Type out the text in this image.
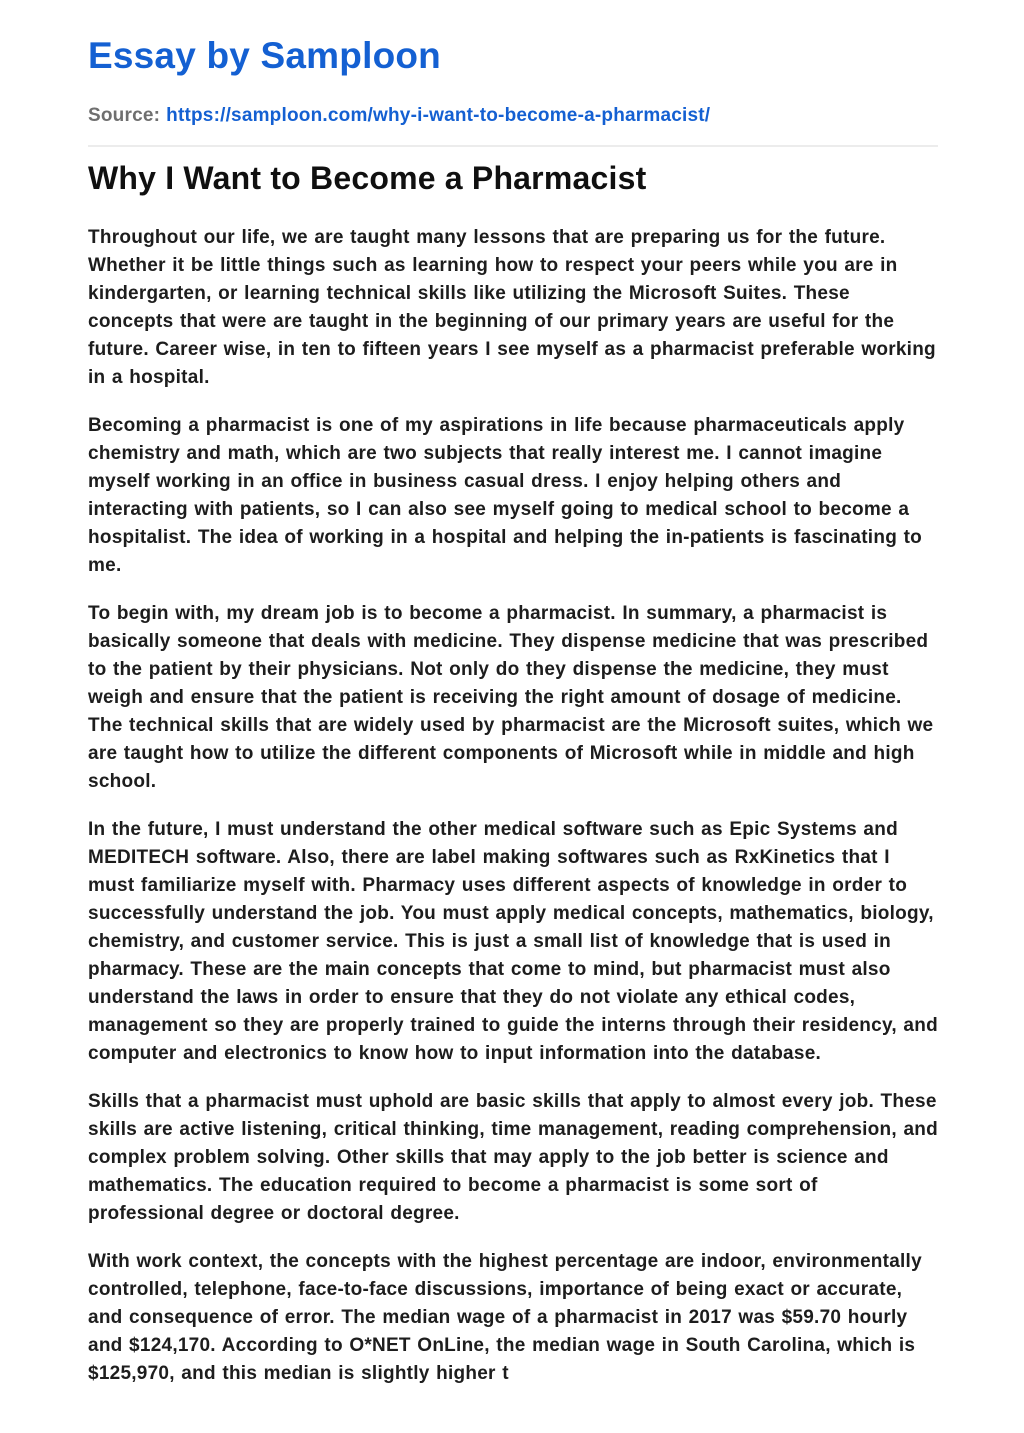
Essay by Samploon
Source: https://samploon.com/why-i-want-to-become-a-pharmacist/
Why I Want to Become a Pharmacist

Throughout our life, we are taught many lessons that are preparing us for the future. Whether it be little things such as learning how to respect your peers while you are in kindergarten, or learning technical skills like utilizing the Microsoft Suites. These concepts that were are taught in the beginning of our primary years are useful for the future. Career wise, in ten to fifteen years I see myself as a pharmacist preferable working in a hospital.

Becoming a pharmacist is one of my aspirations in life because pharmaceuticals apply chemistry and math, which are two subjects that really interest me. I cannot imagine myself working in an office in business casual dress. I enjoy helping others and interacting with patients, so I can also see myself going to medical school to become a hospitalist. The idea of working in a hospital and helping the in-patients is fascinating to me.

To begin with, my dream job is to become a pharmacist. In summary, a pharmacist is basically someone that deals with medicine. They dispense medicine that was prescribed to the patient by their physicians. Not only do they dispense the medicine, they must weigh and ensure that the patient is receiving the right amount of dosage of medicine. The technical skills that are widely used by pharmacist are the Microsoft suites, which we are taught how to utilize the different components of Microsoft while in middle and high school.

In the future, I must understand the other medical software such as Epic Systems and MEDITECH software. Also, there are label making softwares such as RxKinetics that I must familiarize myself with. Pharmacy uses different aspects of knowledge in order to successfully understand the job. You must apply medical concepts, mathematics, biology, chemistry, and customer service. This is just a small list of knowledge that is used in pharmacy. These are the main concepts that come to mind, but pharmacist must also understand the laws in order to ensure that they do not violate any ethical codes, management so they are properly trained to guide the interns through their residency, and computer and electronics to know how to input information into the database.

Skills that a pharmacist must uphold are basic skills that apply to almost every job. These skills are active listening, critical thinking, time management, reading comprehension, and complex problem solving. Other skills that may apply to the job better is science and mathematics. The education required to become a pharmacist is some sort of professional degree or doctoral degree.

With work context, the concepts with the highest percentage are indoor, environmentally controlled, telephone, face-to-face discussions, importance of being exact or accurate, and consequence of error. The median wage of a pharmacist in 2017 was $59.70 hourly and $124,170. According to O*NET OnLine, the median wage in South Carolina, which is $125,970, and this median is slightly higher t
